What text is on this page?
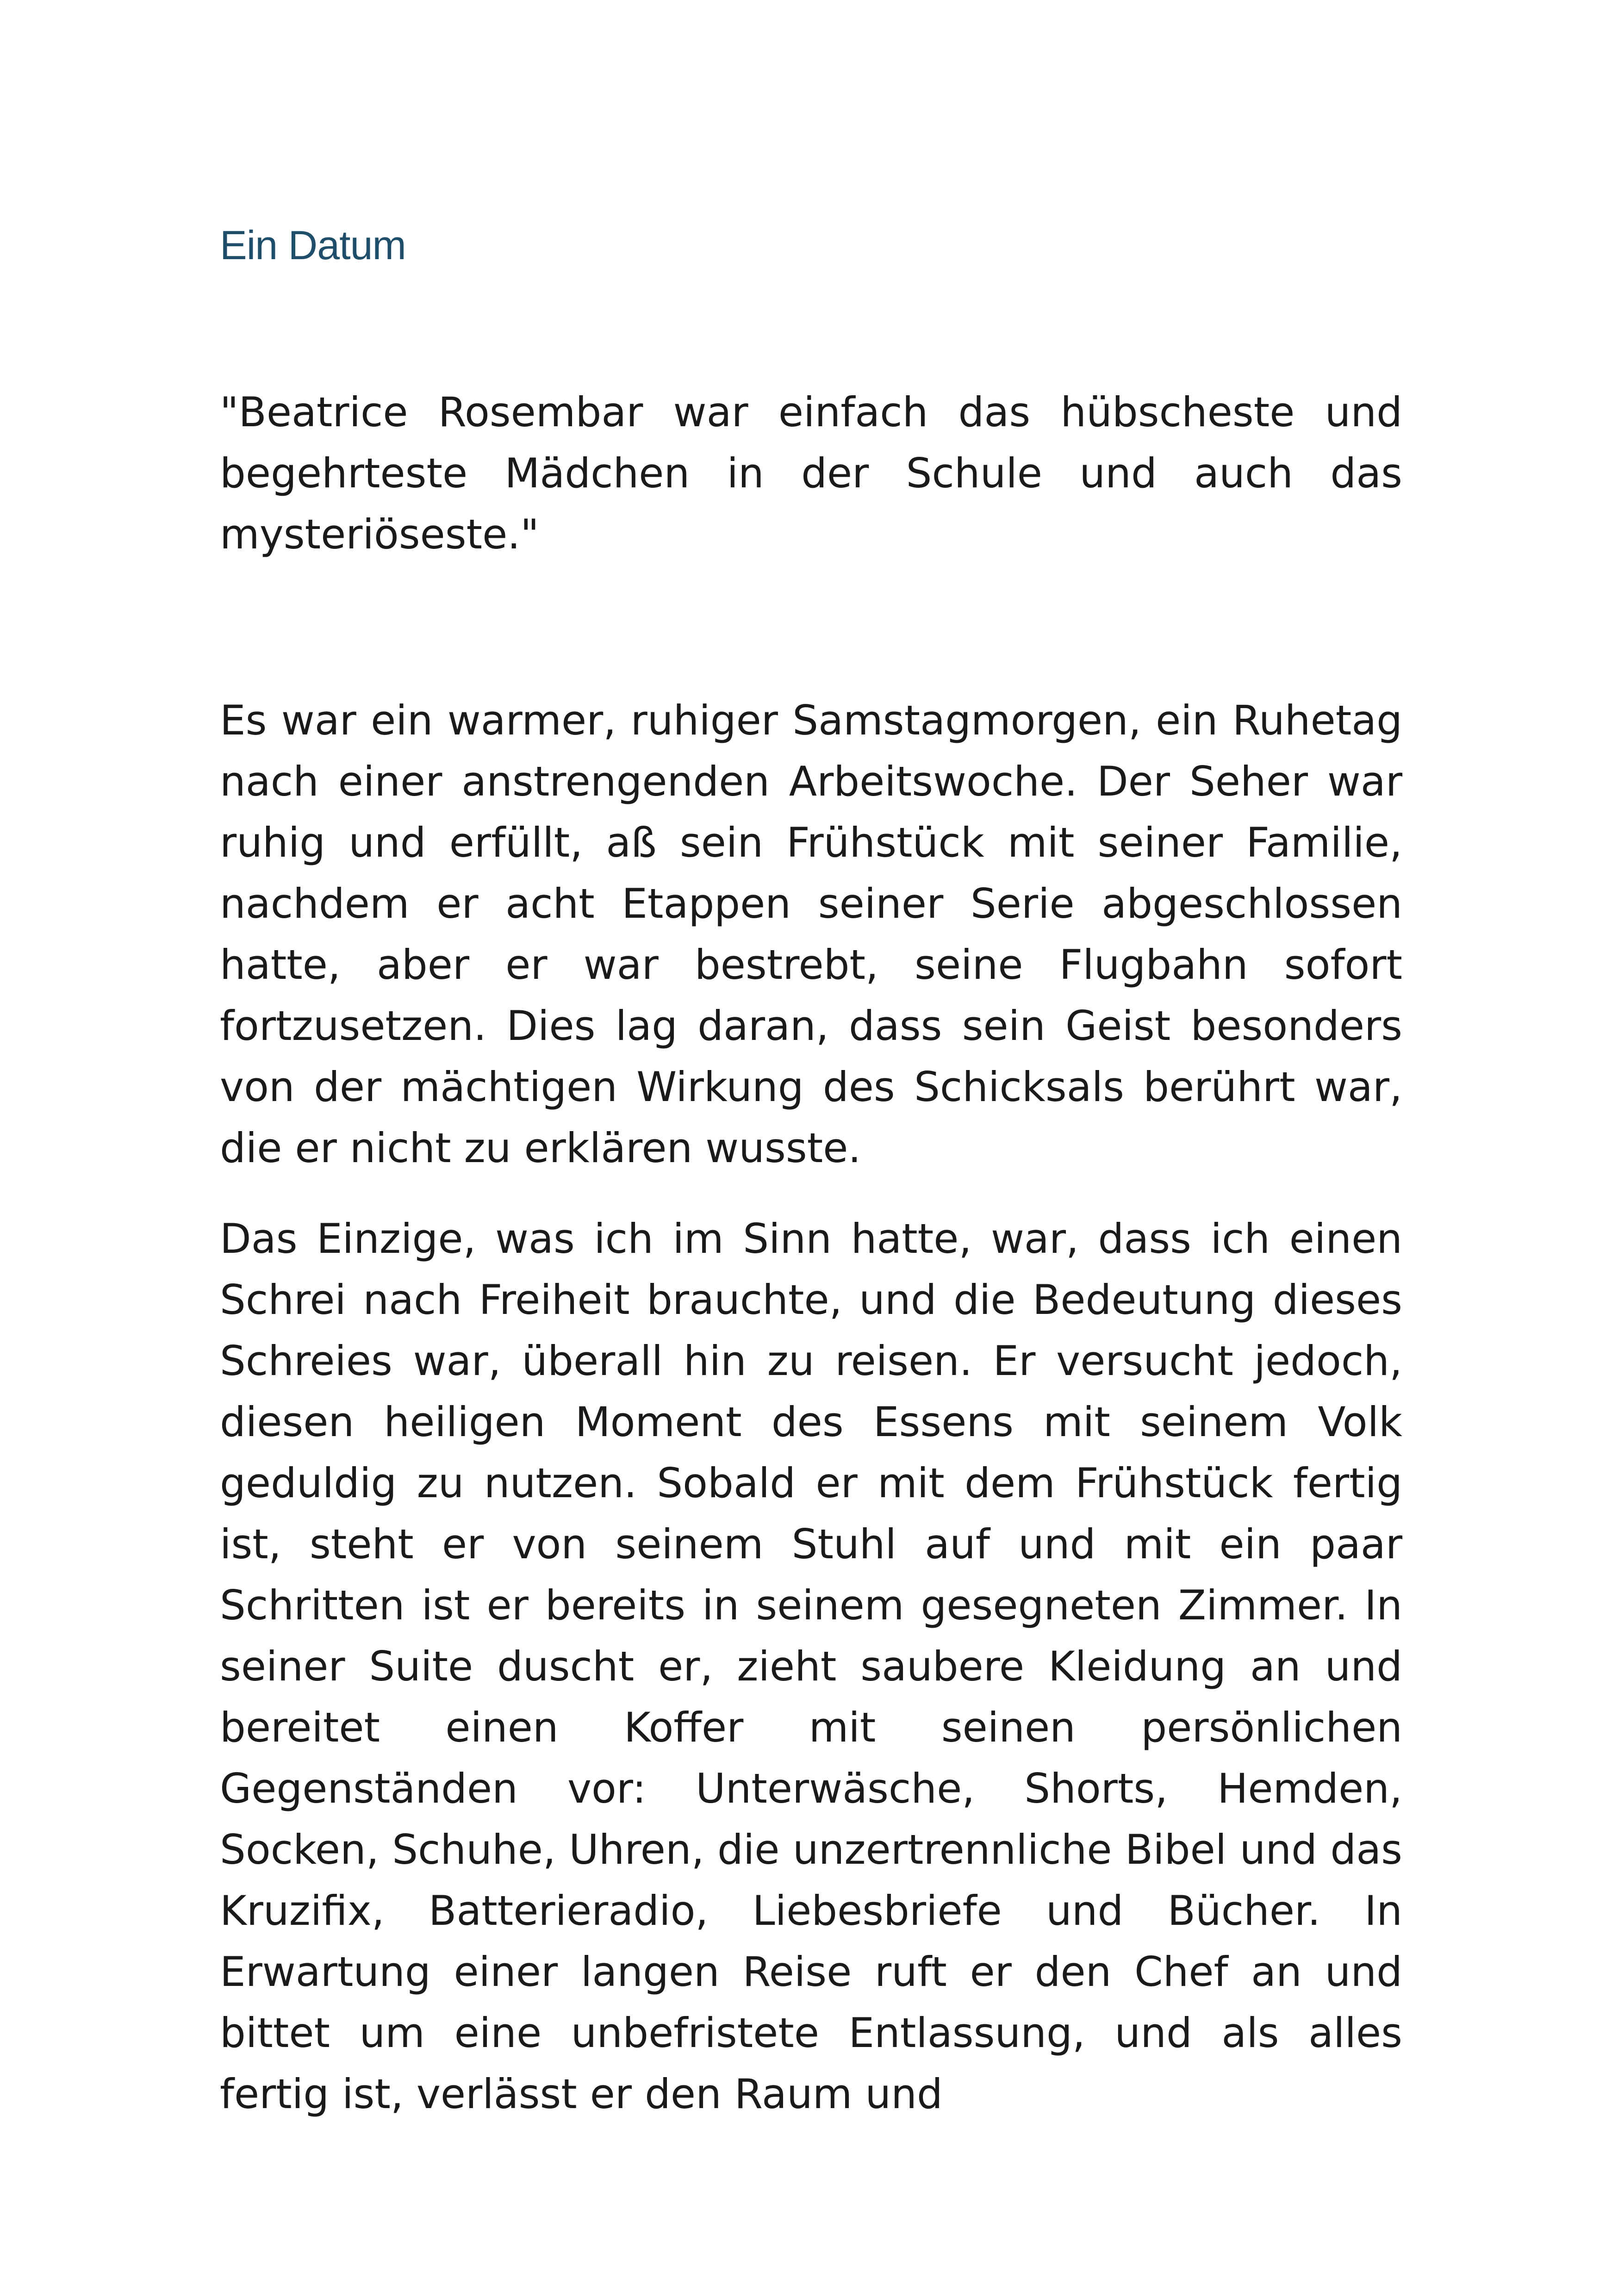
Ein Datum

"Beatrice Rosembar war einfach das hübscheste und begehrteste Mädchen in der Schule und auch das mysteriöseste."

Es war ein warmer, ruhiger Samstagmorgen, ein Ruhetag nach einer anstrengenden Arbeitswoche. Der Seher war ruhig und erfüllt, aß sein Frühstück mit seiner Familie, nachdem er acht Etappen seiner Serie abgeschlossen hatte, aber er war bestrebt, seine Flugbahn sofort fortzusetzen. Dies lag daran, dass sein Geist besonders von der mächtigen Wirkung des Schicksals berührt war, die er nicht zu erklären wusste.

Das Einzige, was ich im Sinn hatte, war, dass ich einen Schrei nach Freiheit brauchte, und die Bedeutung dieses Schreies war, überall hin zu reisen. Er versucht jedoch, diesen heiligen Moment des Essens mit seinem Volk geduldig zu nutzen. Sobald er mit dem Frühstück fertig ist, steht er von seinem Stuhl auf und mit ein paar Schritten ist er bereits in seinem gesegneten Zimmer. In seiner Suite duscht er, zieht saubere Kleidung an und bereitet einen Koffer mit seinen persönlichen Gegenständen vor: Unterwäsche, Shorts, Hemden, Socken, Schuhe, Uhren, die unzertrennliche Bibel und das Kruzifix, Batterieradio, Liebesbriefe und Bücher. In Erwartung einer langen Reise ruft er den Chef an und bittet um eine unbefristete Entlassung, und als alles fertig ist, verlässt er den Raum und
